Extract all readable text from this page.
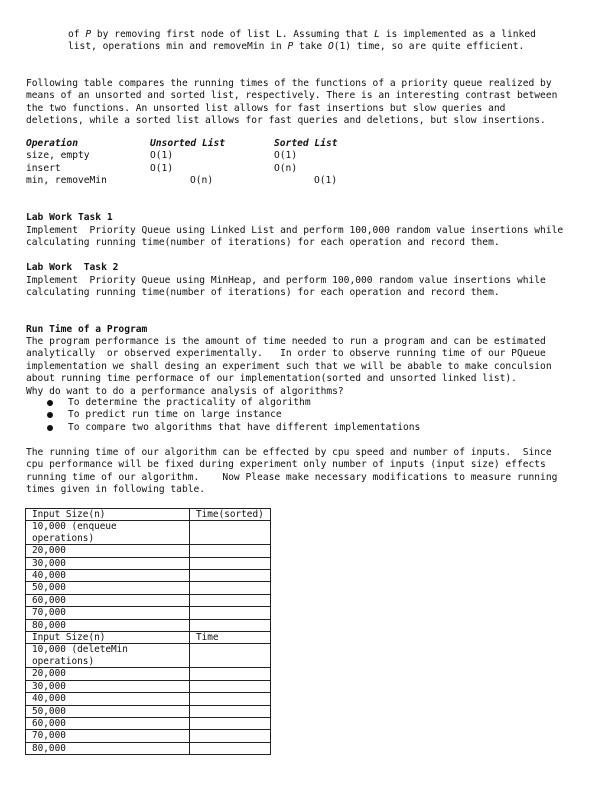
of P by removing first node of list L. Assuming that L is implemented as a linked
list, operations min and removeMin in P take O(1) time, so are quite efficient.

Following table compares the running times of the functions of a priority queue realized by means of an unsorted and sorted list, respectively. There is an interesting contrast between the two functions. An unsorted list allows for fast insertions but slow queries and deletions, while a sorted list allows for fast queries and deletions, but slow insertions.

Operation	Unsorted List	Sorted List
size, empty	O(1)	O(1)
insert	O(1)	O(n)
min, removeMin	O(n)	O(1)
Lab Work Task 1

Implement  Priority Queue using Linked List and perform 100,000 random value insertions while calculating running time(number of iterations) for each operation and record them.

Lab Work  Task 2

Implement  Priority Queue using MinHeap, and perform 100,000 random value insertions while calculating running time(number of iterations) for each operation and record them.

Run Time of a Program

The program performance is the amount of time needed to run a program and can be estimated analytically  or observed experimentally.   In order to observe running time of our PQueue implementation we shall desing an experiment such that we will be abable to make conculsion about running time performace of our implementation(sorted and unsorted linked list).
Why do want to do a performance analysis of algorithms?

To determine the practicality of algorithm
To predict run time on large instance
To compare two algorithms that have different implementations

The running time of our algorithm can be effected by cpu speed and number of inputs.  Since cpu performance will be fixed during experiment only number of inputs (input size) effects running time of our algorithm.    Now Please make necessary modifications to measure running times given in following table.

Input Size(n)	Time(sorted)
10,000 (enqueue operations)	
20,000	
30,000	
40,000	
50,000	
60,000	
70,000	
80,000	
Input Size(n)	Time
10,000 (deleteMin operations)	
20,000	
30,000	
40,000	
50,000	
60,000	
70,000	
80,000	
